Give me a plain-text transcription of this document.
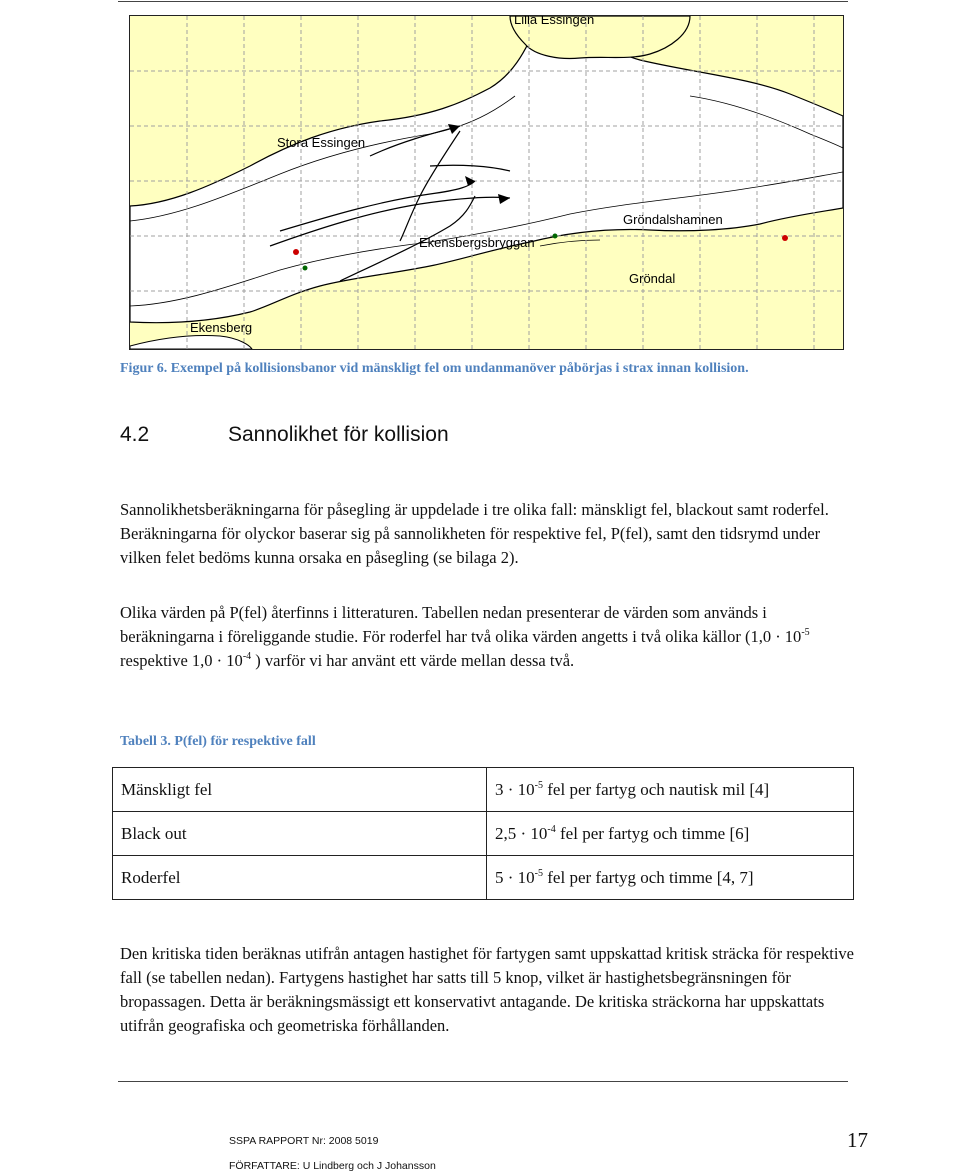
Lilla Essingen
Stora Essingen
Gröndalshamnen
Ekensbergsbryggan
Gröndal
Ekensberg
Figur 6. Exempel på kollisionsbanor vid mänskligt fel om undanmanöver påbörjas i strax innan kollision.
4.2	Sannolikhet för kollision
Sannolikhetsberäkningarna för påsegling är uppdelade i tre olika fall: mänskligt fel, blackout samt roderfel. Beräkningarna för olyckor baserar sig på sannolikheten för respektive fel, P(fel), samt den tidsrymd under vilken felet bedöms kunna orsaka en påsegling (se bilaga 2).
Olika värden på P(fel) återfinns i litteraturen. Tabellen nedan presenterar de värden som används i beräkningarna i föreliggande studie. För roderfel har två olika värden angetts i två olika källor ($1,0 \cdot 10^{-5}$ respektive $1,0 \cdot 10^{-4}$ ) varför vi har använt ett värde mellan dessa två.
Tabell 3. P(fel) för respektive fall
Mänskligt fel	$3 \cdot 10^{-5}$ fel per fartyg och nautisk mil [4]
Black out	$2,5 \cdot 10^{-4}$ fel per fartyg och timme [6]
Roderfel	$5 \cdot 10^{-5}$ fel per fartyg och timme [4, 7]
Den kritiska tiden beräknas utifrån antagen hastighet för fartygen samt uppskattad kritisk sträcka för respektive fall (se tabellen nedan). Fartygens hastighet har satts till 5 knop, vilket är hastighetsbegränsningen för bropassagen. Detta är beräkningsmässigt ett konservativt antagande. De kritiska sträckorna har uppskattats utifrån geografiska och geometriska förhållanden.
SSPA RAPPORT Nr: 2008 5019
FÖRFATTARE: U Lindberg och J Johansson
17
